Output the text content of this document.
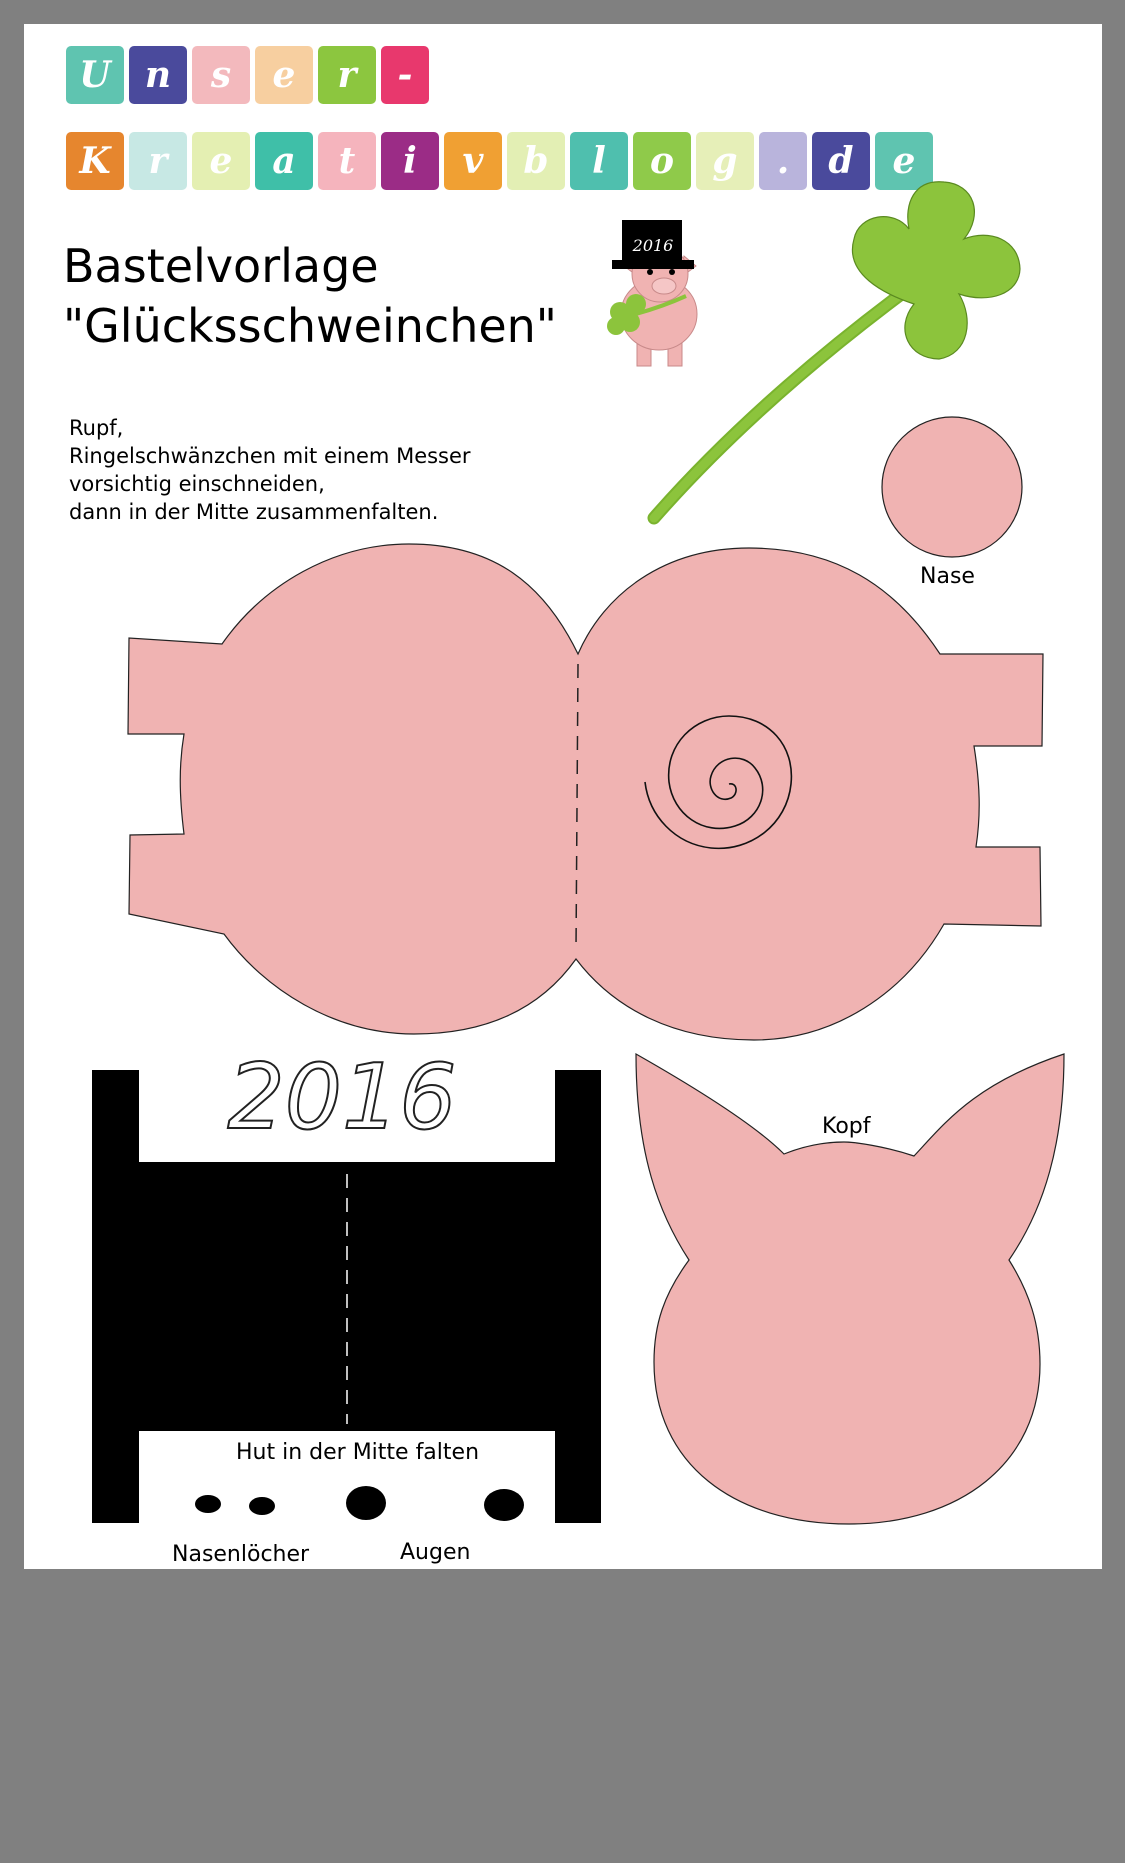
U n	s	e	r	-
K	r	e	a	t	i	v	b	l	o	g	.	d	e
Bastelvorlage
"Glücksschweinchen"
Rupf,
Ringelschwänzchen mit einem Messer
vorsichtig einschneiden,
dann in der Mitte zusammenfalten.
2016
2016
Nase
Kopf
Hut in der Mitte falten
Nasenlöcher	Augen
